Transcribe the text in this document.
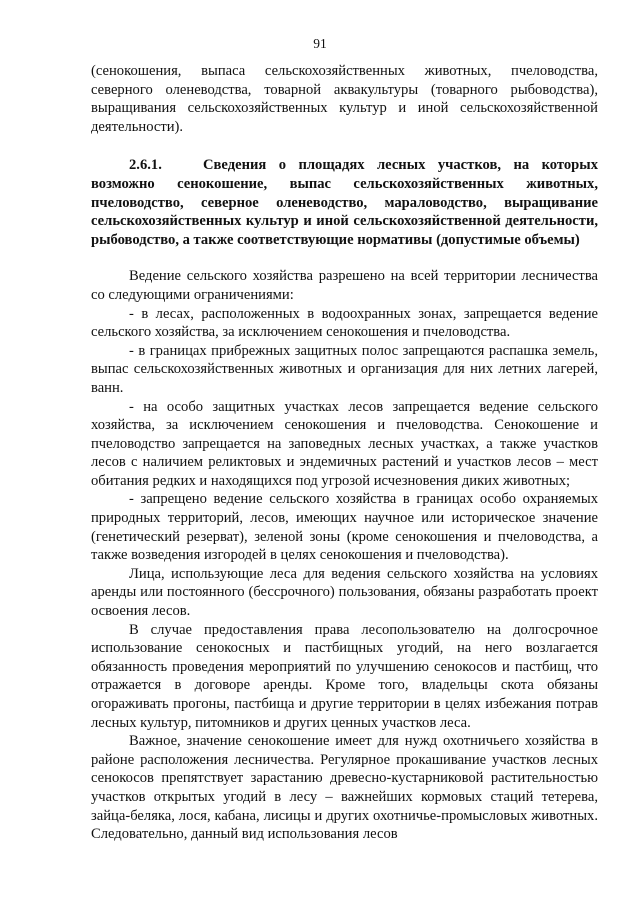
91

(сенокошения, выпаса сельскохозяйственных животных, пчеловодства, северного оленеводства, товарной аквакультуры (товарного рыбоводства), выращивания сельскохозяйственных культур и иной сельскохозяйственной деятельности).

2.6.1.	Сведения о площадях лесных участков, на которых возможно сенокошение, выпас сельскохозяйственных животных, пчеловодство, северное оленеводство, мараловодство, выращивание сельскохозяйственных культур и иной сельскохозяйственной деятельности, рыбоводство, а также соответствующие нормативы (допустимые объемы)

Ведение сельского хозяйства разрешено на всей территории лесничества со следующими ограничениями:

- в лесах, расположенных в водоохранных зонах, запрещается ведение сельского хозяйства, за исключением сенокошения и пчеловодства.

- в границах прибрежных защитных полос запрещаются распашка земель, выпас сельскохозяйственных животных и организация для них летних лагерей, ванн.

- на особо защитных участках лесов запрещается ведение сельского хозяйства, за исключением сенокошения и пчеловодства. Сенокошение и пчеловодство запрещается на заповедных лесных участках, а также участков лесов с наличием реликтовых и эндемичных растений и участков лесов – мест обитания редких и находящихся под угрозой исчезновения диких животных;

- запрещено ведение сельского хозяйства в границах особо охраняемых природных территорий, лесов, имеющих научное или историческое значение (генетический резерват), зеленой зоны (кроме сенокошения и пчеловодства, а также возведения изгородей в целях сенокошения и пчеловодства).

Лица, использующие леса для ведения сельского хозяйства на условиях аренды или постоянного (бессрочного) пользования, обязаны разработать проект освоения лесов.

В случае предоставления права лесопользователю на долгосрочное использование сенокосных и пастбищных угодий, на него возлагается обязанность проведения мероприятий по улучшению сенокосов и пастбищ, что отражается в договоре аренды. Кроме того, владельцы скота обязаны огораживать прогоны, пастбища и другие территории в целях избежания потрав лесных культур, питомников и других ценных участков леса.

Важное, значение сенокошение имеет для нужд охотничьего хозяйства в районе расположения лесничества. Регулярное прокашивание участков лесных сенокосов препятствует зарастанию древесно-кустарниковой растительностью участков открытых угодий в лесу – важнейших кормовых стаций тетерева, зайца-беляка, лося, кабана, лисицы и других охотничье-промысловых животных. Следовательно, данный вид использования лесов
